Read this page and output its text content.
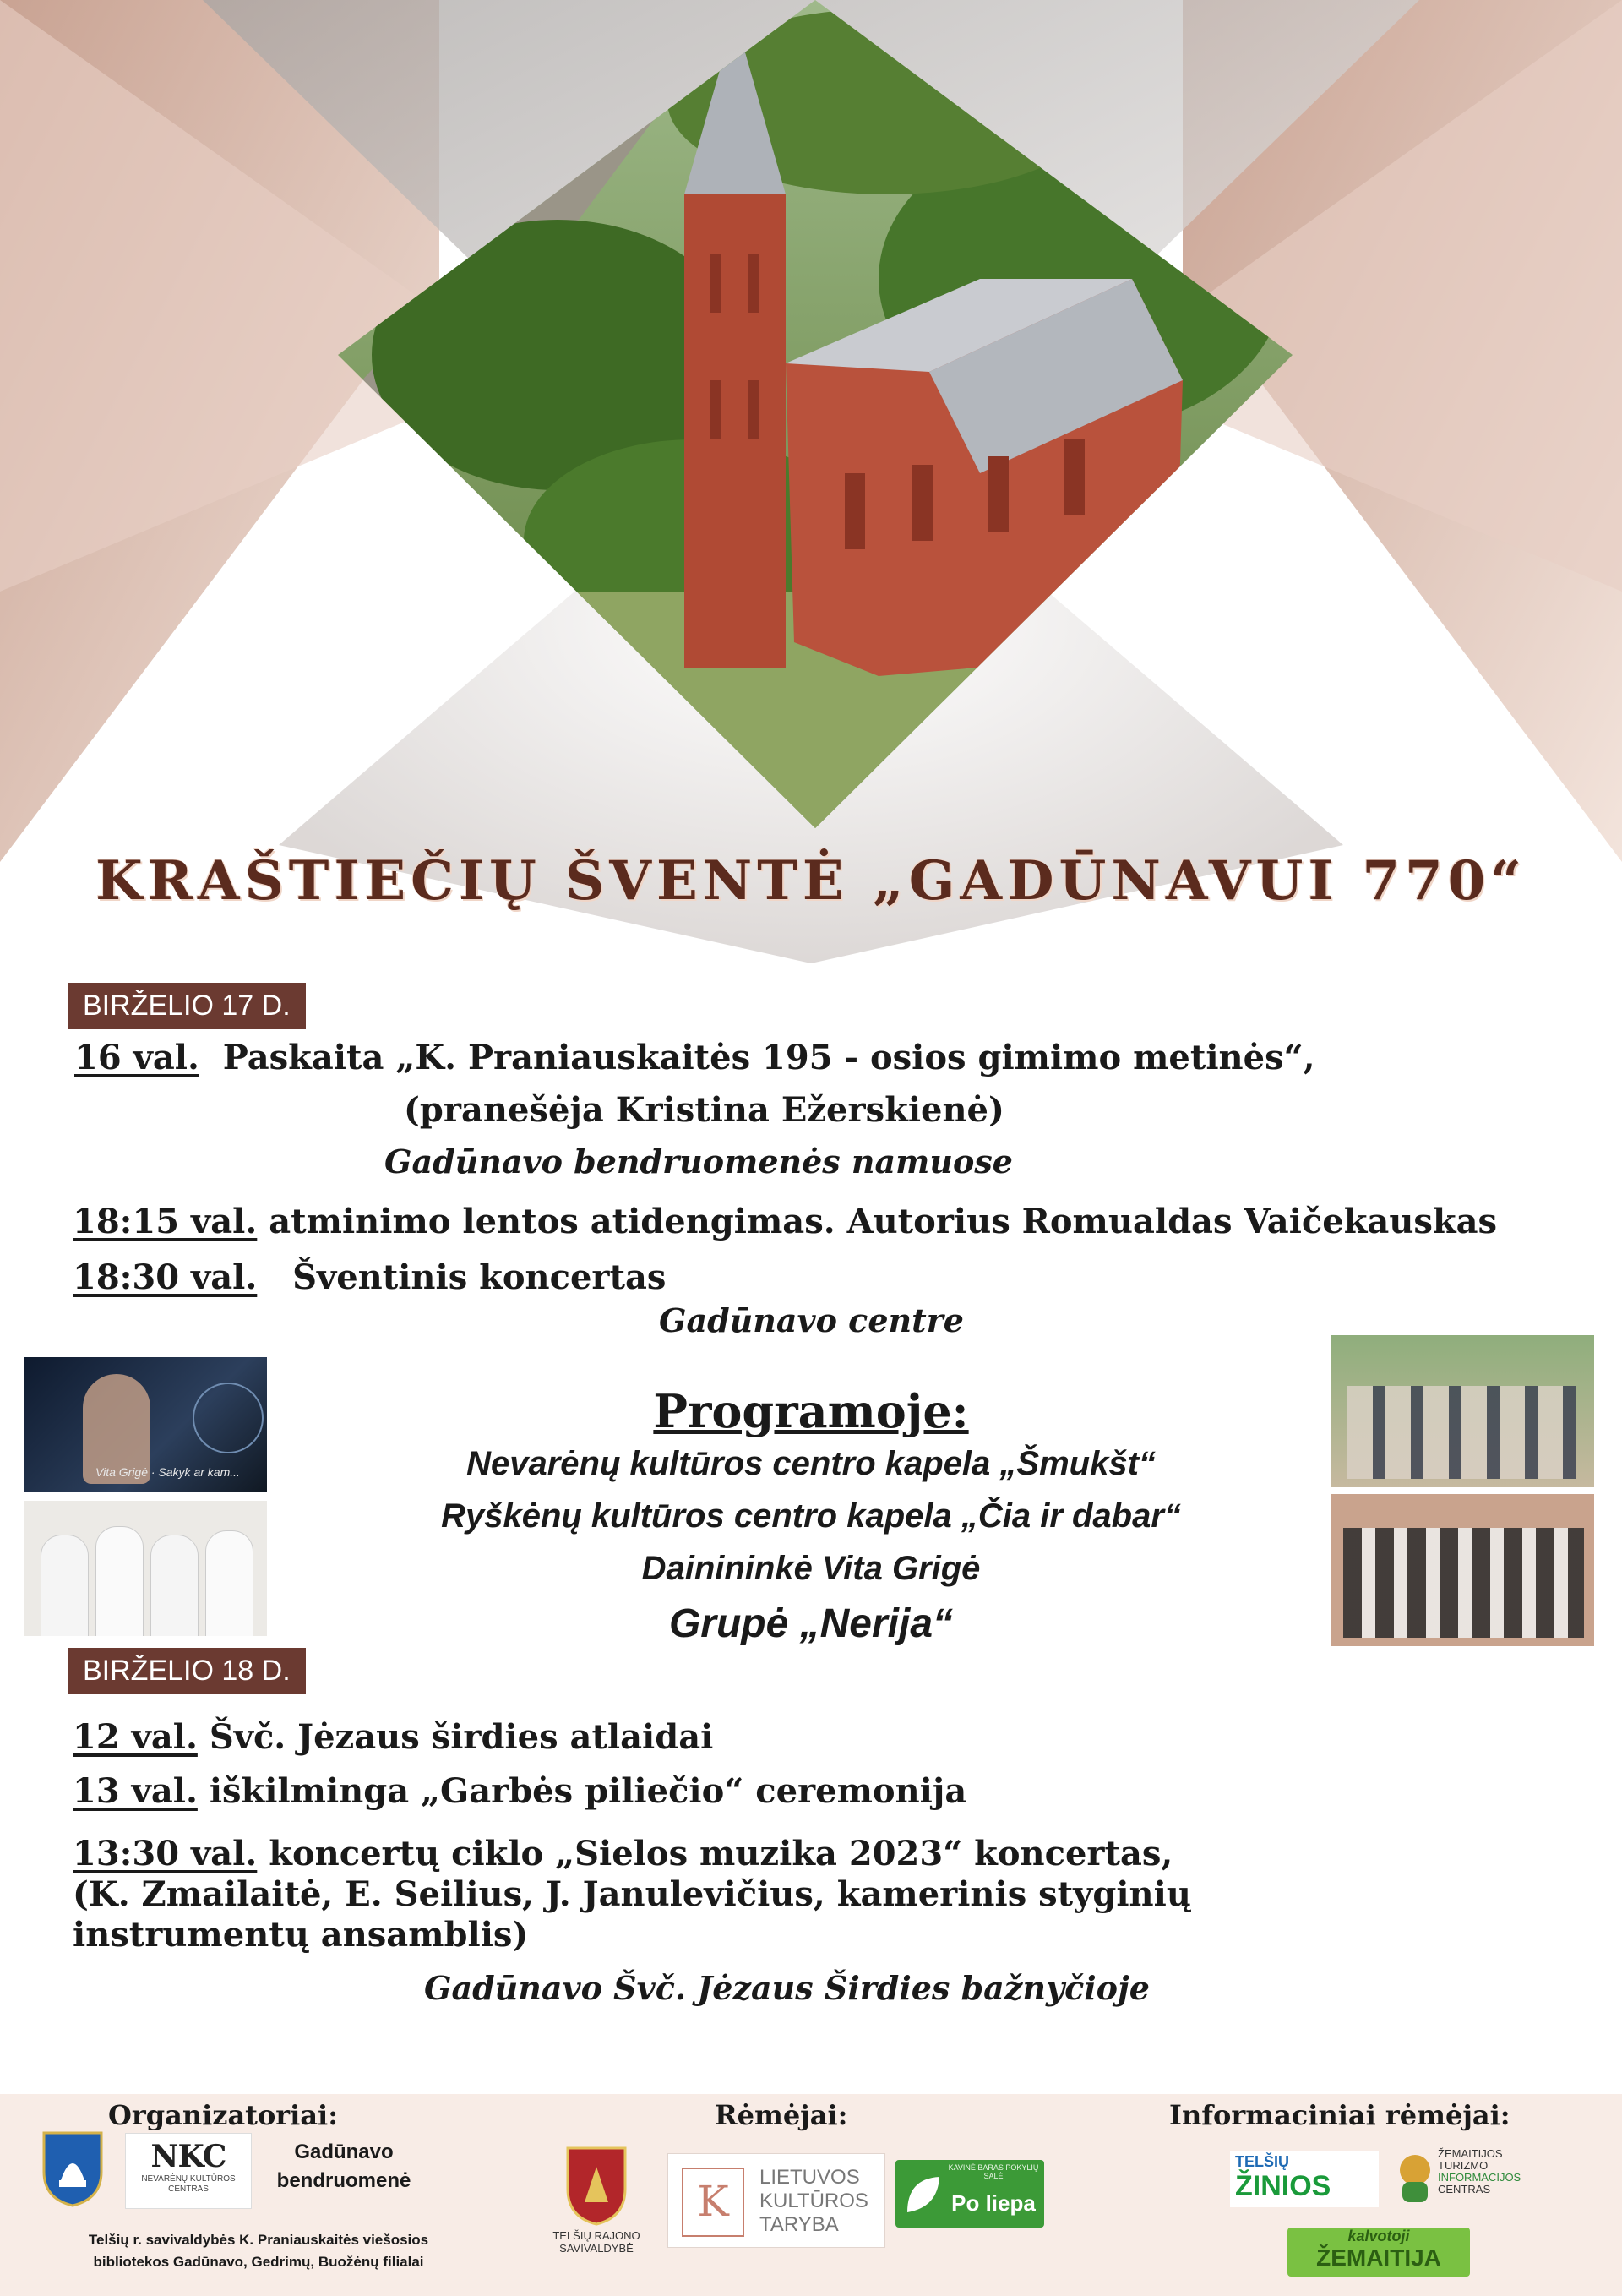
KRAŠTIEČIŲ ŠVENTĖ „GADŪNAVUI 770“
BIRŽELIO 17 D.
16 val. Paskaita „K. Praniauskaitės 195 - osios gimimo metinės“,
(pranešėja Kristina Ežerskienė)
Gadūnavo bendruomenės namuose
18:15 val. atminimo lentos atidengimas. Autorius Romualdas Vaičekauskas
18:30 val. Šventinis koncertas
Gadūnavo centre
Vita Grigė · Sakyk ar kam...
Programoje:
Nevarėnų kultūros centro kapela „Šmukšt“
Ryškėnų kultūros centro kapela „Čia ir dabar“
Dainininkė Vita Grigė
Grupė „Nerija“
BIRŽELIO 18 D.
12 val. Švč. Jėzaus širdies atlaidai
13 val. iškilminga „Garbės piliečio“ ceremonija
13:30 val. koncertų ciklo „Sielos muzika 2023“ koncertas,
(K. Zmailaitė, E. Seilius, J. Janulevičius, kamerinis styginių
instrumentų ansamblis)
Gadūnavo Švč. Jėzaus Širdies bažnyčioje
Organizatoriai:	Rėmėjai:	Informaciniai rėmėjai:
NKC
NEVARĖNŲ KULTŪROS CENTRAS
Gadūnavo bendruomenė
Telšių r. savivaldybės K. Praniauskaitės viešosios
bibliotekos Gadūnavo, Gedrimų, Buožėnų filialai
TELŠIŲ RAJONO SAVIVALDYBĖ
K	LIETUVOS
KULTŪROS
TARYBA
KAVINĖ BARAS POKYLIŲ SALĖ
Po liepa
TELŠIŲ
ŽINIOS
ŽEMAITIJOS
TURIZMO
INFORMACIJOS
CENTRAS
kalvotoji
ŽEMAITIJA
